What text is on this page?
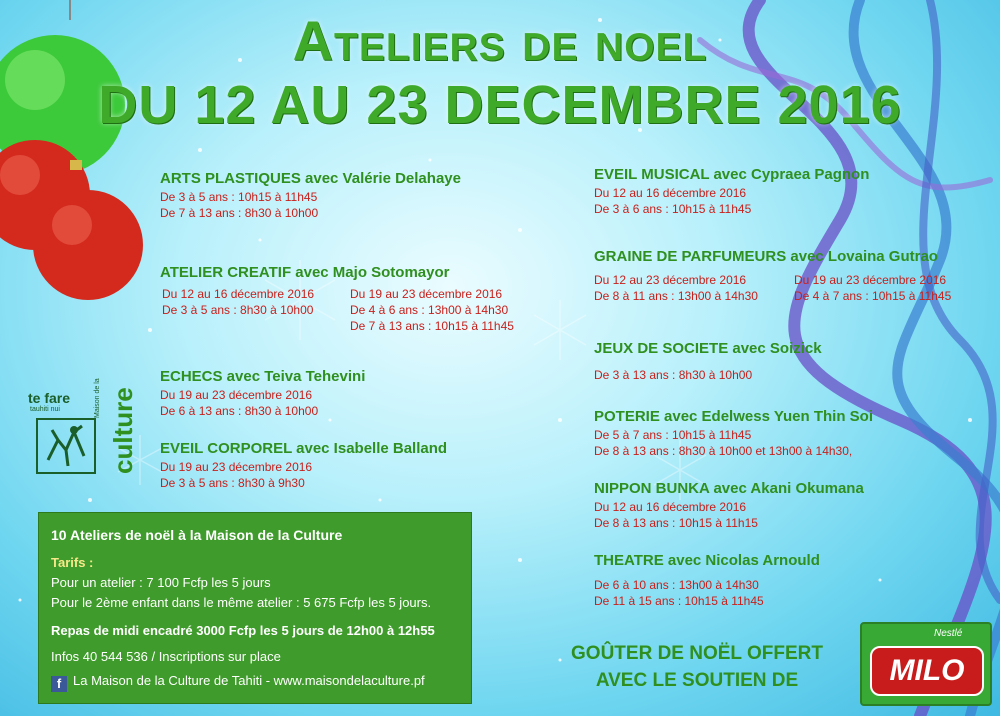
Ateliers de noel
DU 12 AU 23 DECEMBRE 2016
ARTS PLASTIQUES avec Valérie Delahaye
De 3 à 5 ans : 10h15 à 11h45
De 7 à 13 ans : 8h30 à 10h00
ATELIER CREATIF avec Majo Sotomayor
Du 12 au 16 décembre 2016
De 3 à 5 ans : 8h30 à 10h00
Du 19 au 23 décembre 2016
De 4 à 6 ans : 13h00 à 14h30
De 7 à 13 ans : 10h15 à 11h45
ECHECS avec Teiva Tehevini
Du 19 au 23 décembre 2016
De 6 à 13 ans : 8h30 à 10h00
EVEIL CORPOREL avec Isabelle Balland
Du 19 au 23 décembre 2016
De 3 à 5 ans : 8h30 à 9h30
EVEIL MUSICAL avec Cypraea Pagnon
Du 12 au 16 décembre 2016
De 3 à 6 ans : 10h15 à 11h45
GRAINE DE PARFUMEURS avec Lovaina Gutrao
Du 12 au 23 décembre 2016
De 8 à 11 ans : 13h00 à 14h30
Du 19 au 23 décembre 2016
De 4 à 7 ans : 10h15 à 11h45
JEUX DE SOCIETE avec Soizick
De 3 à 13 ans : 8h30 à 10h00
POTERIE avec Edelwess Yuen Thin Soi
De 5 à 7 ans : 10h15 à 11h45
De 8 à 13 ans : 8h30 à 10h00 et 13h00 à 14h30,
NIPPON BUNKA avec Akani Okumana
Du 12 au 16 décembre 2016
De 8 à 13 ans : 10h15 à 11h15
THEATRE avec Nicolas Arnould
De 6 à 10 ans : 13h00 à 14h30
De 11 à 15 ans : 10h15 à 11h45
te fare
tauhiti nui	Maison de la culture
10 Ateliers de noël à la Maison de la Culture
Tarifs :
Pour un atelier : 7 100 Fcfp les 5 jours
Pour le 2ème enfant dans le même atelier : 5 675 Fcfp les 5 jours.
Repas de midi encadré 3000 Fcfp les 5 jours de 12h00 à 12h55
Infos 40 544 536 / Inscriptions sur place
f La Maison de la Culture de Tahiti - www.maisondelaculture.pf
GOÛTER DE NOËL OFFERT
AVEC LE SOUTIEN DE
Nestlé
MILO
